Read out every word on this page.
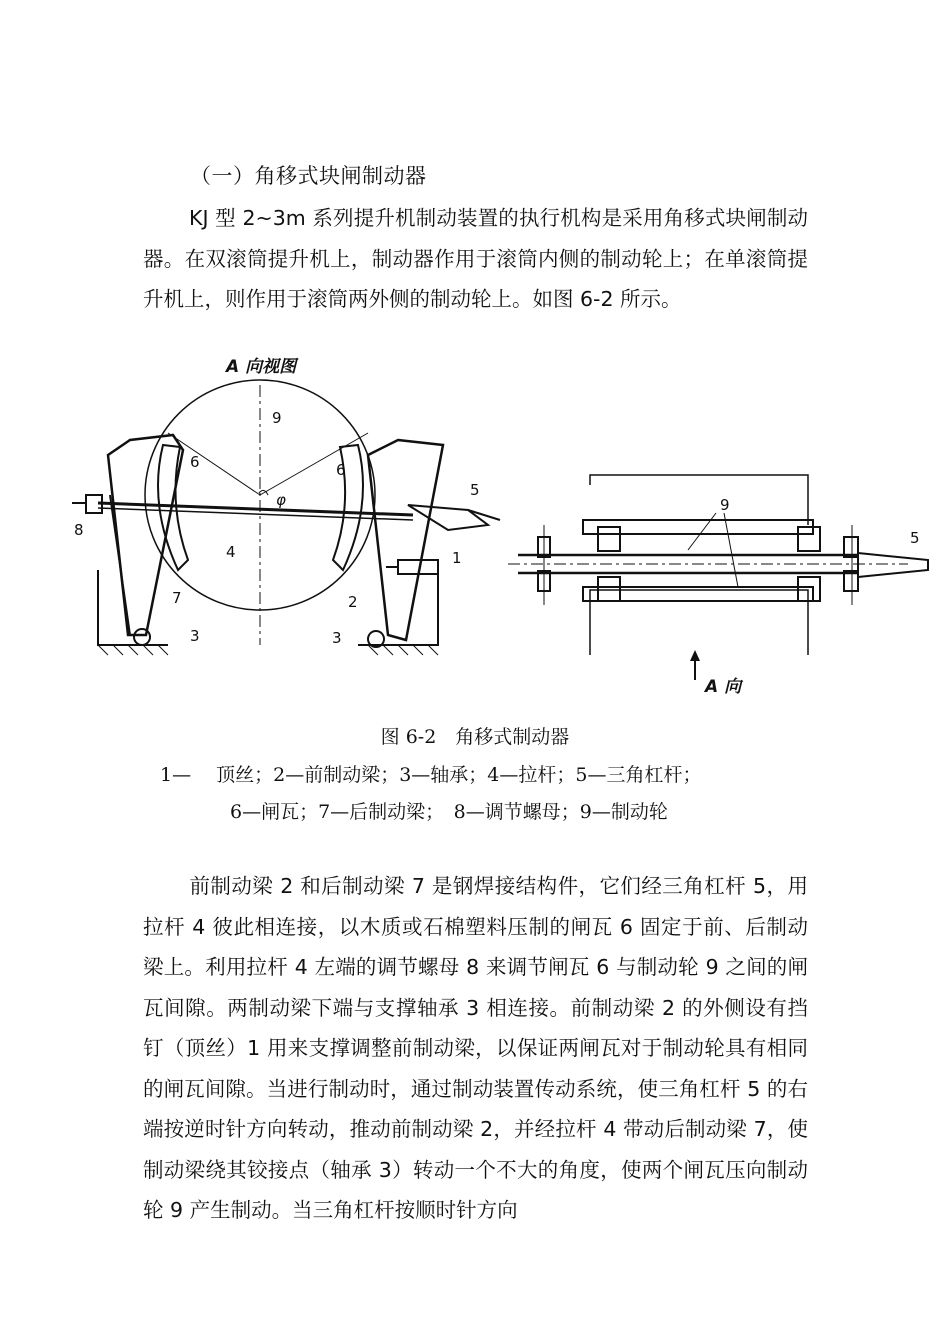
（一）角移式块闸制动器

KJ 型 2~3m 系列提升机制动装置的执行机构是采用角移式块闸制动器。在双滚筒提升机上，制动器作用于滚筒内侧的制动轮上；在单滚筒提升机上，则作用于滚筒两外侧的制动轮上。如图 6-2 所示。

A 向视图
φ
9
6	6
5
8
4	1
7	2
3	3
9
5
A 向
图 6-2　角移式制动器
1—　 顶丝；2—前制动梁；3—轴承；4—拉杆；5—三角杠杆；
6—闸瓦；7—后制动梁；　8—调节螺母；9—制动轮

前制动梁 2 和后制动梁 7 是钢焊接结构件，它们经三角杠杆 5，用拉杆 4 彼此相连接，以木质或石棉塑料压制的闸瓦 6 固定于前、后制动梁上。利用拉杆 4 左端的调节螺母 8 来调节闸瓦 6 与制动轮 9 之间的闸瓦间隙。两制动梁下端与支撑轴承 3 相连接。前制动梁 2 的外侧设有挡钉（顶丝）1 用来支撑调整前制动梁，以保证两闸瓦对于制动轮具有相同的闸瓦间隙。当进行制动时，通过制动装置传动系统，使三角杠杆 5 的右端按逆时针方向转动，推动前制动梁 2，并经拉杆 4 带动后制动梁 7，使制动梁绕其铰接点（轴承 3）转动一个不大的角度，使两个闸瓦压向制动轮 9 产生制动。当三角杠杆按顺时针方向
